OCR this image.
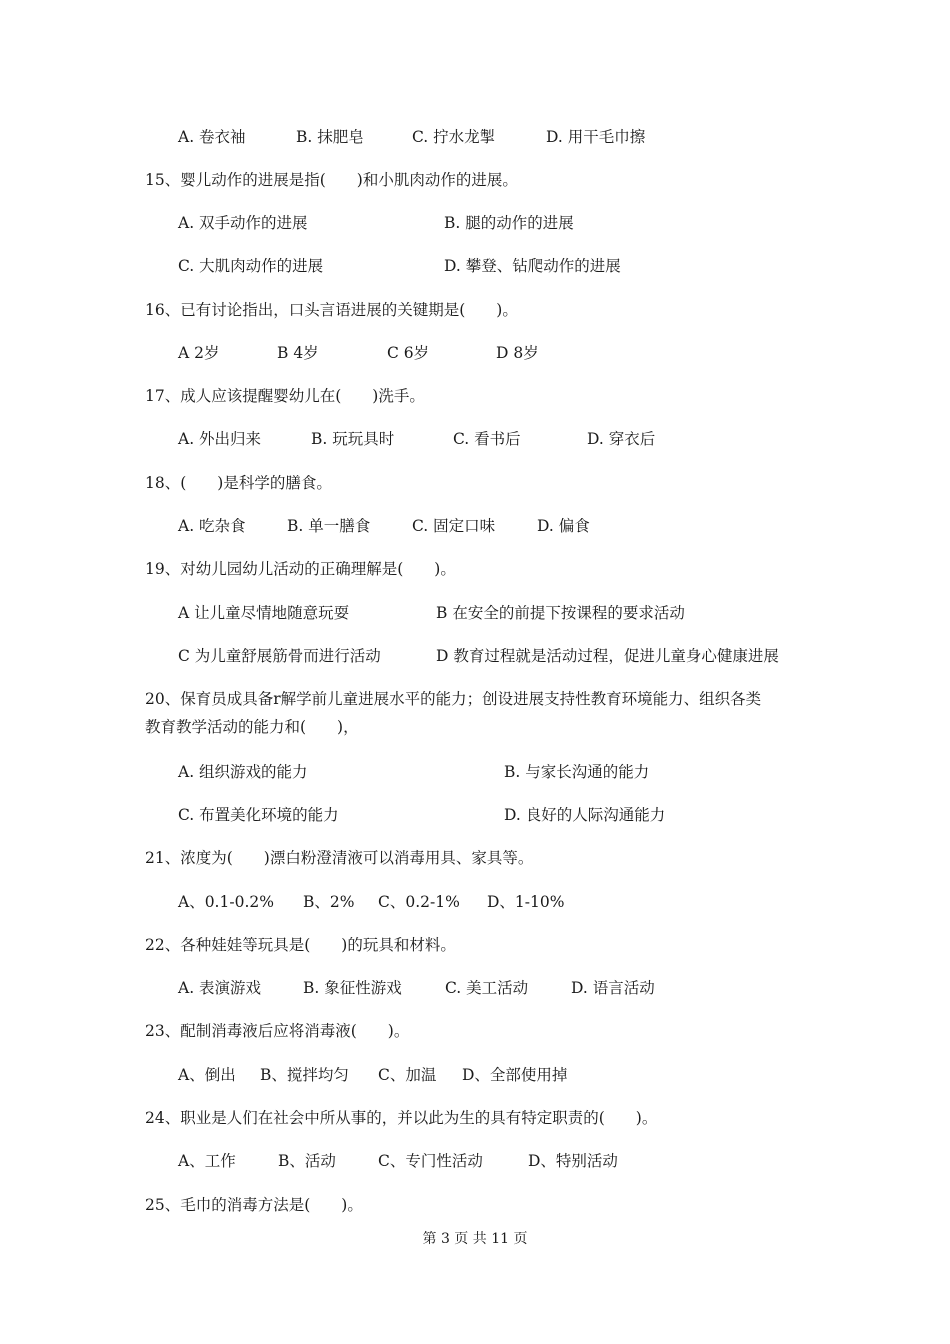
A. 卷衣袖	B. 抹肥皂	C. 拧水龙掣	D. 用干毛巾擦
15、婴儿动作的进展是指(　　)和小肌肉动作的进展。
A. 双手动作的进展	B. 腿的动作的进展
C. 大肌肉动作的进展	D. 攀登、钻爬动作的进展
16、已有讨论指出，口头言语进展的关键期是(　　)。
A 2岁	B 4岁	C 6岁	D 8岁
17、成人应该提醒婴幼儿在(　　)洗手。
A. 外出归来	B. 玩玩具时	C. 看书后	D. 穿衣后
18、(　　)是科学的膳食。
A. 吃杂食	B. 单一膳食	C. 固定口味	D. 偏食
19、对幼儿园幼儿活动的正确理解是(　　)。
A 让儿童尽情地随意玩耍	B 在安全的前提下按课程的要求活动
C 为儿童舒展筋骨而进行活动	D 教育过程就是活动过程，促进儿童身心健康进展
20、保育员成具备r解学前儿童进展水平的能力；创设进展支持性教育环境能力、组织各类
教育教学活动的能力和(　　)，
A. 组织游戏的能力	B. 与家长沟通的能力
C. 布置美化环境的能力	D. 良好的人际沟通能力
21、浓度为(　　)漂白粉澄清液可以消毒用具、家具等。
A、0.1-0.2% B、2% C、0.2-1% D、1-10%
22、各种娃娃等玩具是(　　)的玩具和材料。
A. 表演游戏	B. 象征性游戏	C. 美工活动	D. 语言活动
23、配制消毒液后应将消毒液(　　)。
A、倒出 B、搅拌均匀 C、加温 D、全部使用掉
24、职业是人们在社会中所从事的，并以此为生的具有特定职责的(　　)。
A、工作	B、活动	C、专门性活动	D、特别活动
25、毛巾的消毒方法是(　　)。
第 3 页 共 11 页
